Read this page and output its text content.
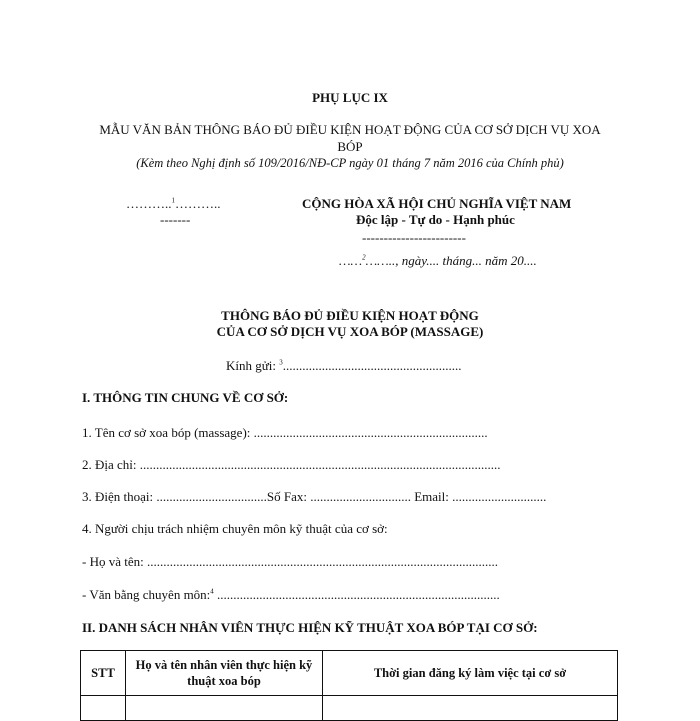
PHỤ LỤC IX
MẪU VĂN BẢN THÔNG BÁO ĐỦ ĐIỀU KIỆN HOẠT ĐỘNG CỦA CƠ SỞ DỊCH VỤ XOA
BÓP
(Kèm theo Nghị định số 109/2016/NĐ-CP ngày 01 tháng 7 năm 2016 của Chính phủ)
………..$^1$………..
-------
CỘNG HÒA XÃ HỘI CHỦ NGHĨA VIỆT NAM
Độc lập - Tự do - Hạnh phúc
------------------------
……$^2$…….., ngày.... tháng... năm 20....
THÔNG BÁO ĐỦ ĐIỀU KIỆN HOẠT ĐỘNG
CỦA CƠ SỞ DỊCH VỤ XOA BÓP (MASSAGE)
Kính gửi: $^3$.......................................................
I. THÔNG TIN CHUNG VỀ CƠ SỞ:
1. Tên cơ sở xoa bóp (massage): ........................................................................
2. Địa chỉ: ...............................................................................................................
3. Điện thoại: ..................................Số Fax: ............................... Email: .............................
4. Người chịu trách nhiệm chuyên môn kỹ thuật của cơ sở:
- Họ và tên: ............................................................................................................
- Văn bằng chuyên môn:$^4$ .......................................................................................
II. DANH SÁCH NHÂN VIÊN THỰC HIỆN KỸ THUẬT XOA BÓP TẠI CƠ SỞ:
STT	Họ và tên nhân viên thực hiện kỹ thuật xoa bóp	Thời gian đăng ký làm việc tại cơ sở
